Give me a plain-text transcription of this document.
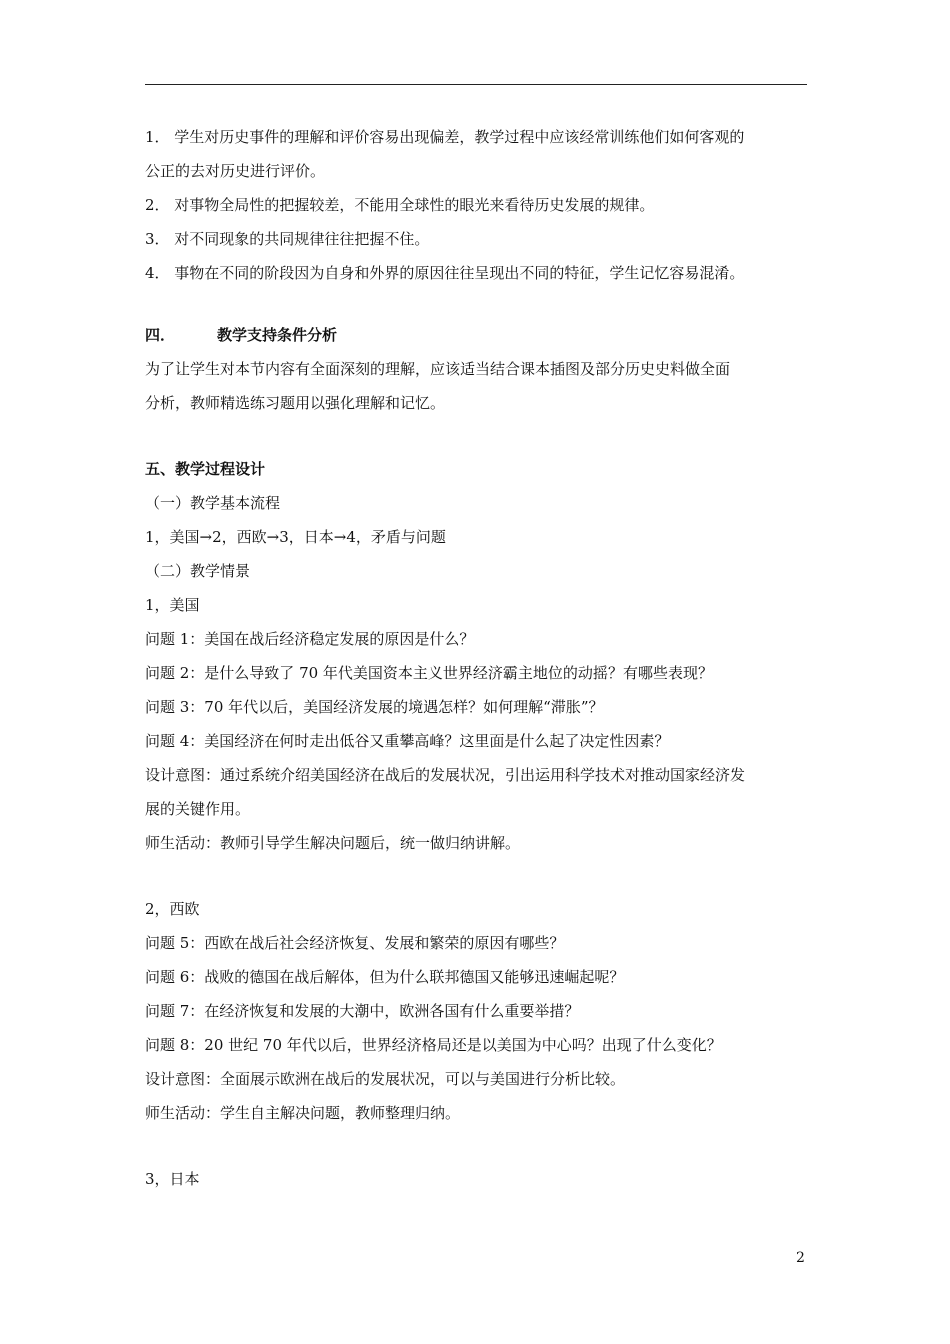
1． 学生对历史事件的理解和评价容易出现偏差，教学过程中应该经常训练他们如何客观的

公正的去对历史进行评价。

2． 对事物全局性的把握较差，不能用全球性的眼光来看待历史发展的规律。

3． 对不同现象的共同规律往往把握不住。

4． 事物在不同的阶段因为自身和外界的原因往往呈现出不同的特征，学生记忆容易混淆。

四．	教学支持条件分析

为了让学生对本节内容有全面深刻的理解，应该适当结合课本插图及部分历史史料做全面

分析，教师精选练习题用以强化理解和记忆。

五、教学过程设计

（一）教学基本流程

1，美国→2，西欧→3，日本→4，矛盾与问题

（二）教学情景

1，美国

问题 1：美国在战后经济稳定发展的原因是什么？

问题 2：是什么导致了 70 年代美国资本主义世界经济霸主地位的动摇？有哪些表现？

问题 3：70 年代以后，美国经济发展的境遇怎样？如何理解“滞胀”？

问题 4：美国经济在何时走出低谷又重攀高峰？这里面是什么起了决定性因素？

设计意图：通过系统介绍美国经济在战后的发展状况，引出运用科学技术对推动国家经济发

展的关键作用。

师生活动：教师引导学生解决问题后，统一做归纳讲解。

2，西欧

问题 5：西欧在战后社会经济恢复、发展和繁荣的原因有哪些？

问题 6：战败的德国在战后解体，但为什么联邦德国又能够迅速崛起呢？

问题 7：在经济恢复和发展的大潮中，欧洲各国有什么重要举措？

问题 8：20 世纪 70 年代以后，世界经济格局还是以美国为中心吗？出现了什么变化？

设计意图：全面展示欧洲在战后的发展状况，可以与美国进行分析比较。

师生活动：学生自主解决问题，教师整理归纳。

3，日本

2
